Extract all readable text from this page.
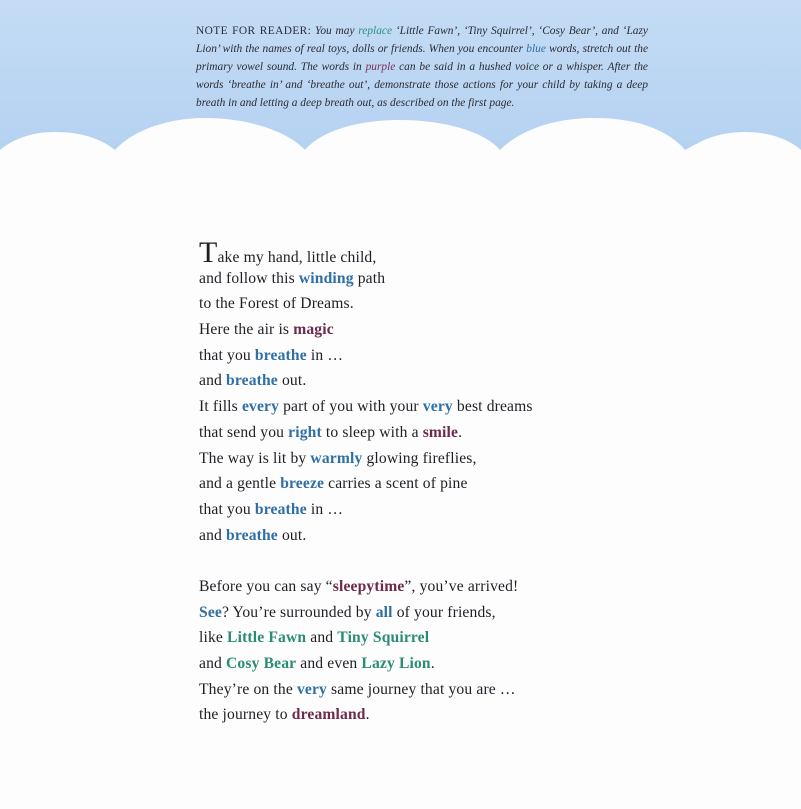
NOTE FOR READER: You may replace ‘Little Fawn’, ‘Tiny Squirrel’, ‘Cosy Bear’, and ‘Lazy Lion’ with the names of real toys, dolls or friends. When you encounter blue words, stretch out the primary vowel sound. The words in purple can be said in a hushed voice or a whisper. After the words ‘breathe in’ and ‘breathe out’, demonstrate those actions for your child by taking a deep breath in and letting a deep breath out, as described on the first page.
Take my hand, little child,
and follow this winding path
to the Forest of Dreams.
Here the air is magic
that you breathe in …
and breathe out.
It fills every part of you with your very best dreams
that send you right to sleep with a smile.
The way is lit by warmly glowing fireflies,
and a gentle breeze carries a scent of pine
that you breathe in …
and breathe out.
Before you can say “sleepytime”, you’ve arrived!
See? You’re surrounded by all of your friends,
like Little Fawn and Tiny Squirrel
and Cosy Bear and even Lazy Lion.
They’re on the very same journey that you are …
the journey to dreamland.
